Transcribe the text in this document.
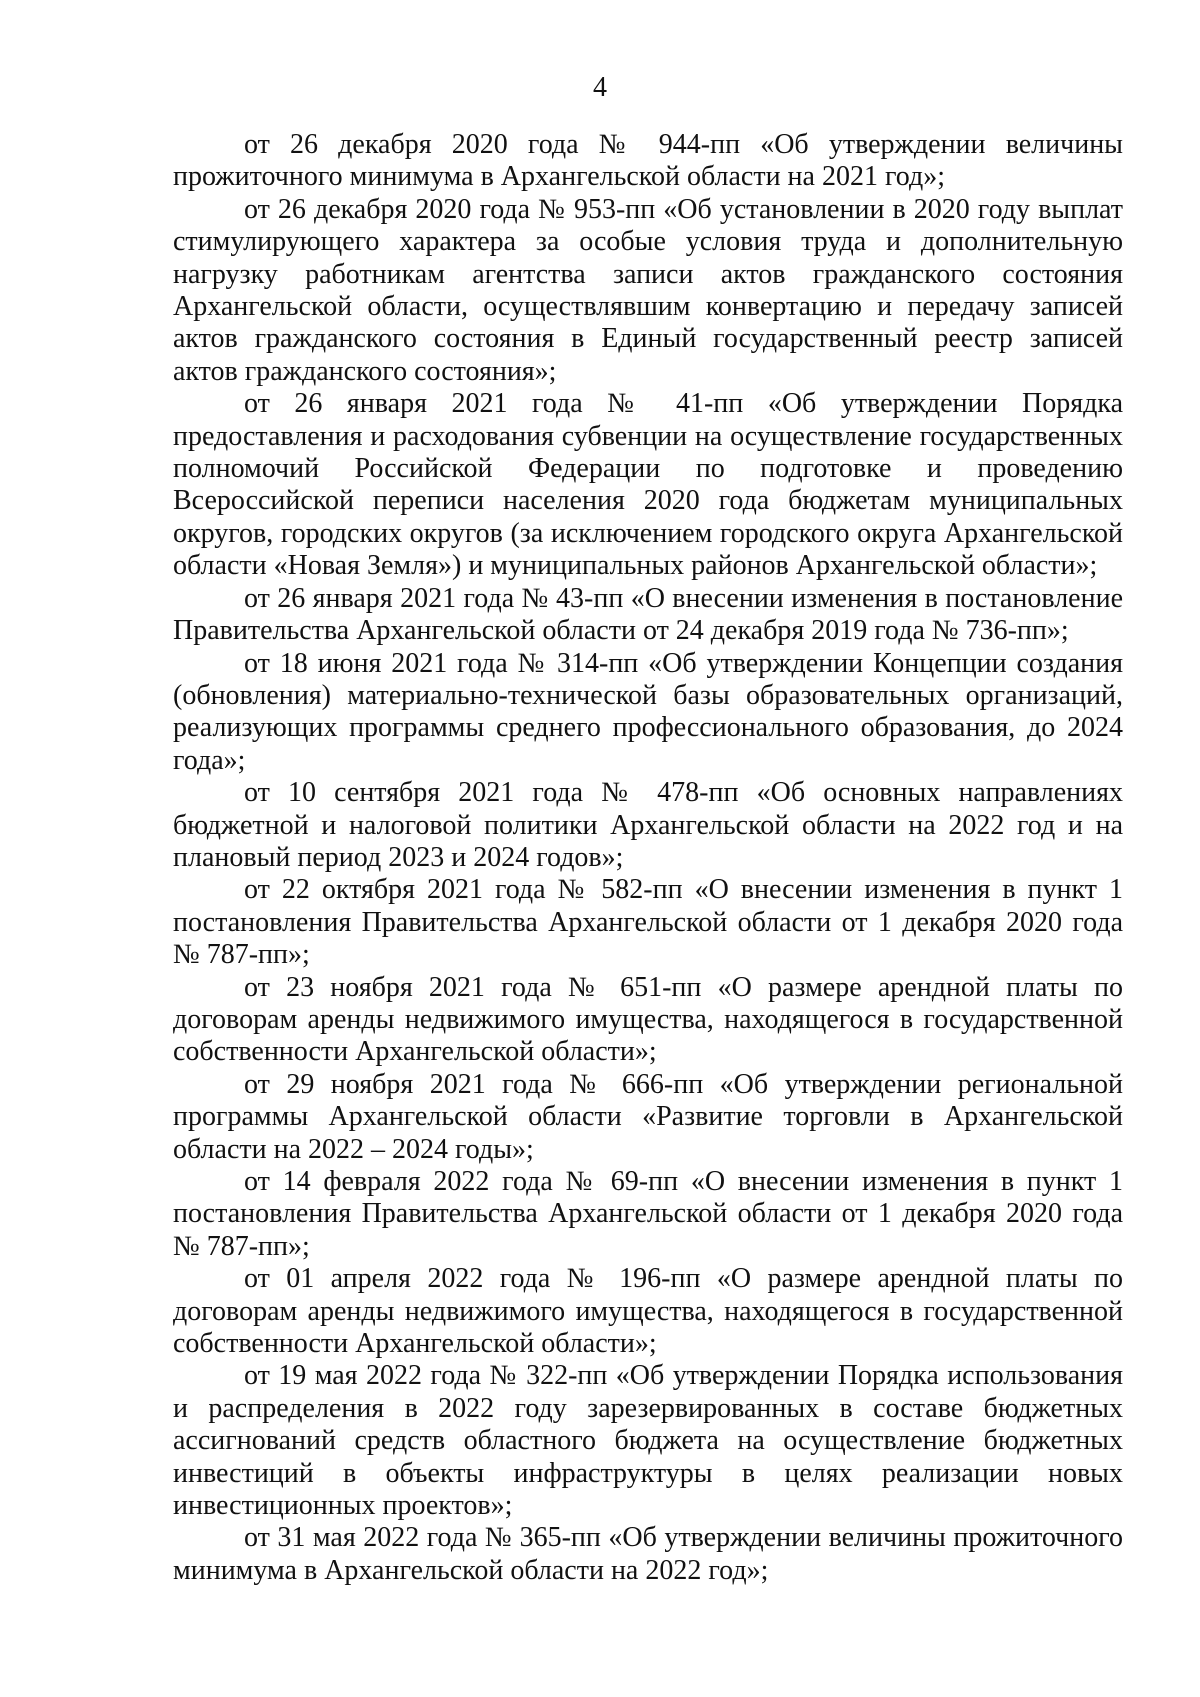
4

от 26 декабря 2020 года № 944-пп «Об утверждении величины прожиточного минимума в Архангельской области на 2021 год»;

от 26 декабря 2020 года № 953-пп «Об установлении в 2020 году выплат стимулирующего характера за особые условия труда и дополнительную нагрузку работникам агентства записи актов гражданского состояния Архангельской области, осуществлявшим конвертацию и передачу записей актов гражданского состояния в Единый государственный реестр записей актов гражданского состояния»;

от 26 января 2021 года № 41-пп «Об утверждении Порядка предоставления и расходования субвенции на осуществление государственных полномочий Российской Федерации по подготовке и проведению Всероссийской переписи населения 2020 года бюджетам муниципальных округов, городских округов (за исключением городского округа Архангельской области «Новая Земля») и муниципальных районов Архангельской области»;

от 26 января 2021 года № 43-пп «О внесении изменения в постановление Правительства Архангельской области от 24 декабря 2019 года № 736-пп»;

от 18 июня 2021 года № 314-пп «Об утверждении Концепции создания (обновления) материально-технической базы образовательных организаций, реализующих программы среднего профессионального образования, до 2024 года»;

от 10 сентября 2021 года № 478-пп «Об основных направлениях бюджетной и налоговой политики Архангельской области на 2022 год и на плановый период 2023 и 2024 годов»;

от 22 октября 2021 года № 582-пп «О внесении изменения в пункт 1 постановления Правительства Архангельской области от 1 декабря 2020 года № 787-пп»;

от 23 ноября 2021 года № 651-пп «О размере арендной платы по договорам аренды недвижимого имущества, находящегося в государственной собственности Архангельской области»;

от 29 ноября 2021 года № 666-пп «Об утверждении региональной программы Архангельской области «Развитие торговли в Архангельской области на 2022 – 2024 годы»;

от 14 февраля 2022 года № 69-пп «О внесении изменения в пункт 1 постановления Правительства Архангельской области от 1 декабря 2020 года № 787-пп»;

от 01 апреля 2022 года № 196-пп «О размере арендной платы по договорам аренды недвижимого имущества, находящегося в государственной собственности Архангельской области»;

от 19 мая 2022 года № 322-пп «Об утверждении Порядка использования и распределения в 2022 году зарезервированных в составе бюджетных ассигнований средств областного бюджета на осуществление бюджетных инвестиций в объекты инфраструктуры в целях реализации новых инвестиционных проектов»;

от 31 мая 2022 года № 365-пп «Об утверждении величины прожиточного минимума в Архангельской области на 2022 год»;
